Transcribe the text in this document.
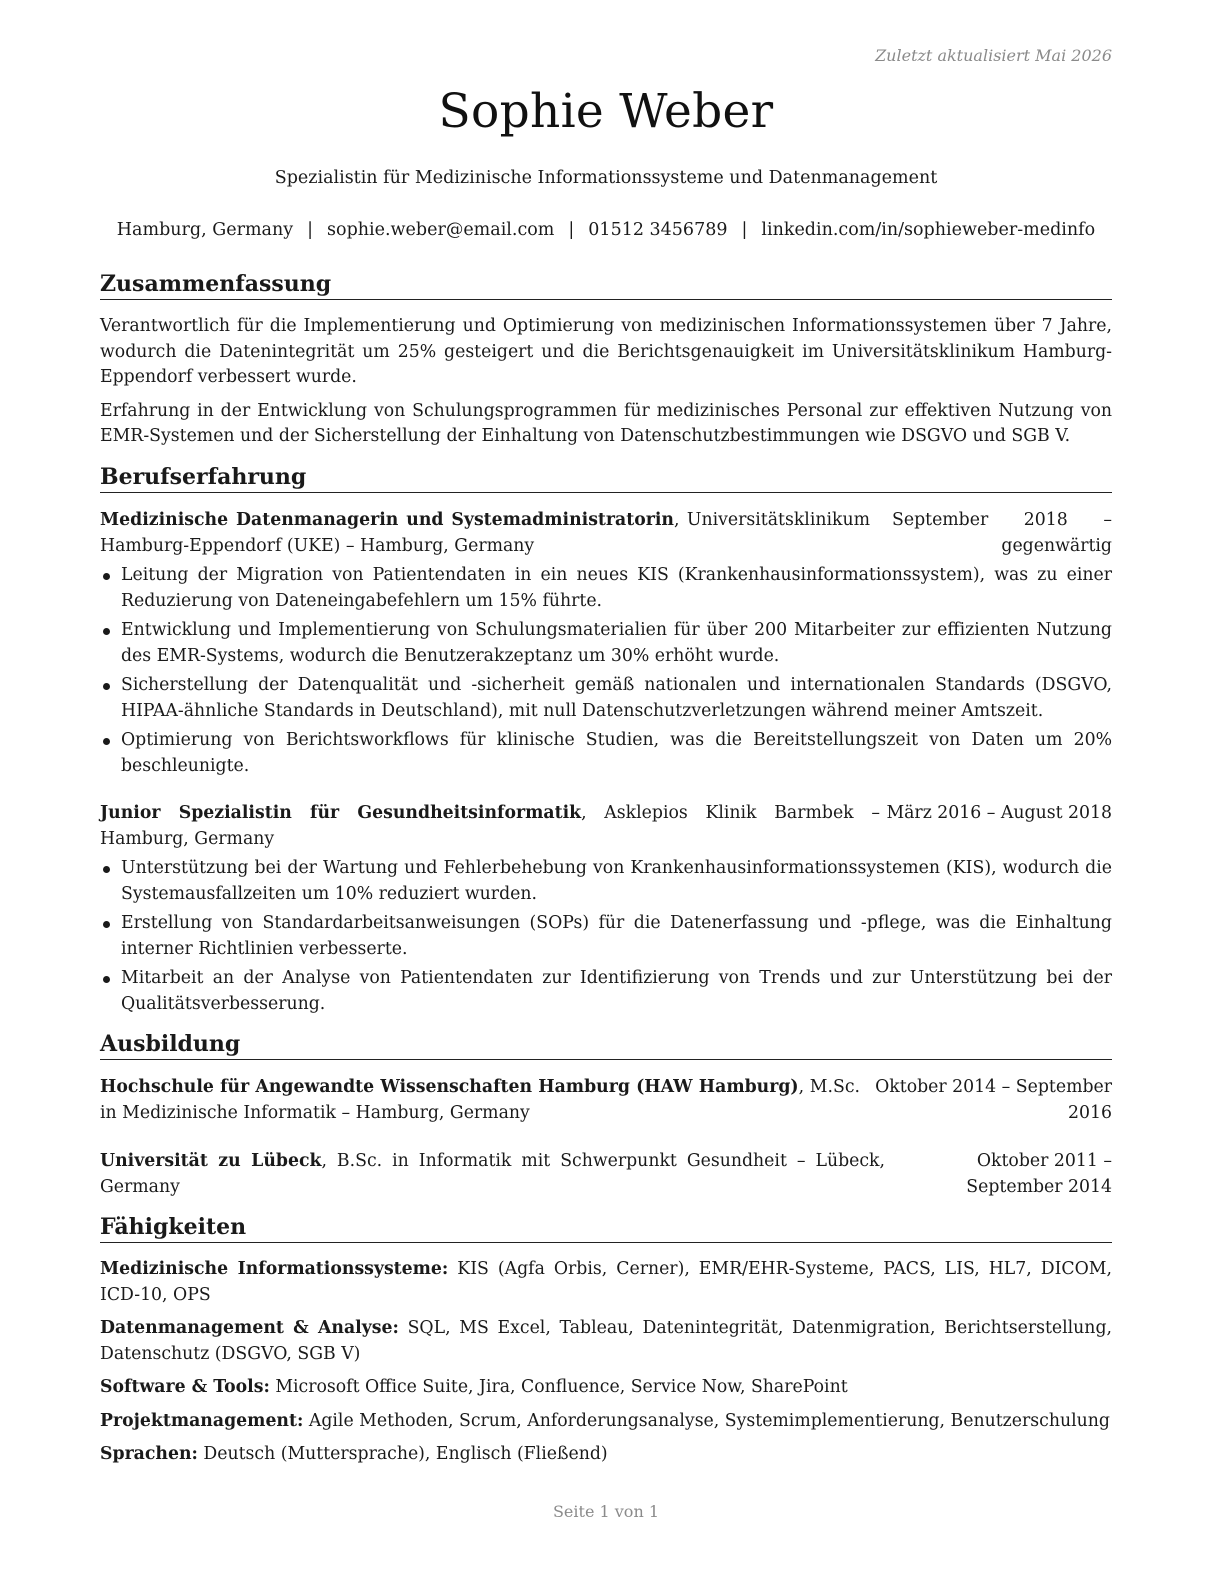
Zuletzt aktualisiert Mai 2026
Sophie Weber
Spezialistin für Medizinische Informationssysteme und Datenmanagement
Hamburg, Germany | sophie.weber@email.com | 01512 3456789 | linkedin.com/in/sophieweber-medinfo
Zusammenfassung

Verantwortlich für die Implementierung und Optimierung von medizinischen Informationssystemen über 7 Jahre, wodurch die Datenintegrität um 25% gesteigert und die Berichtsgenauigkeit im Universitätsklinikum Hamburg-Eppendorf verbessert wurde.

Erfahrung in der Entwicklung von Schulungsprogrammen für medizinisches Personal zur effektiven Nutzung von EMR-Systemen und der Sicherstellung der Einhaltung von Datenschutzbestimmungen wie DSGVO und SGB V.

Berufserfahrung
Medizinische Datenmanagerin und Systemadministratorin, Universitätsklinikum Hamburg-Eppendorf (UKE) – Hamburg, Germany
September 2018 – gegenwärtig
Leitung der Migration von Patientendaten in ein neues KIS (Krankenhausinformationssystem), was zu einer Reduzierung von Dateneingabefehlern um 15% führte.
Entwicklung und Implementierung von Schulungsmaterialien für über 200 Mitarbeiter zur effizienten Nutzung des EMR-Systems, wodurch die Benutzerakzeptanz um 30% erhöht wurde.
Sicherstellung der Datenqualität und -sicherheit gemäß nationalen und internationalen Standards (DSGVO, HIPAA-ähnliche Standards in Deutschland), mit null Datenschutzverletzungen während meiner Amtszeit.
Optimierung von Berichtsworkflows für klinische Studien, was die Bereitstellungszeit von Daten um 20% beschleunigte.
Junior Spezialistin für Gesundheitsinformatik, Asklepios Klinik Barmbek – Hamburg, Germany
März 2016 – August 2018
Unterstützung bei der Wartung und Fehlerbehebung von Krankenhausinformationssystemen (KIS), wodurch die Systemausfallzeiten um 10% reduziert wurden.
Erstellung von Standardarbeitsanweisungen (SOPs) für die Datenerfassung und -pflege, was die Einhaltung interner Richtlinien verbesserte.
Mitarbeit an der Analyse von Patientendaten zur Identifizierung von Trends und zur Unterstützung bei der Qualitätsverbesserung.
Ausbildung
Hochschule für Angewandte Wissenschaften Hamburg (HAW Hamburg), M.Sc. in Medizinische Informatik – Hamburg, Germany
Oktober 2014 – September 2016
Universität zu Lübeck, B.Sc. in Informatik mit Schwerpunkt Gesundheit – Lübeck, Germany
Oktober 2011 – September 2014
Fähigkeiten

Medizinische Informationssysteme: KIS (Agfa Orbis, Cerner), EMR/EHR-Systeme, PACS, LIS, HL7, DICOM, ICD-10, OPS

Datenmanagement & Analyse: SQL, MS Excel, Tableau, Datenintegrität, Datenmigration, Berichtserstellung, Datenschutz (DSGVO, SGB V)

Software & Tools: Microsoft Office Suite, Jira, Confluence, Service Now, SharePoint

Projektmanagement: Agile Methoden, Scrum, Anforderungsanalyse, Systemimplementierung, Benutzerschulung

Sprachen: Deutsch (Muttersprache), Englisch (Fließend)

Seite 1 von 1
